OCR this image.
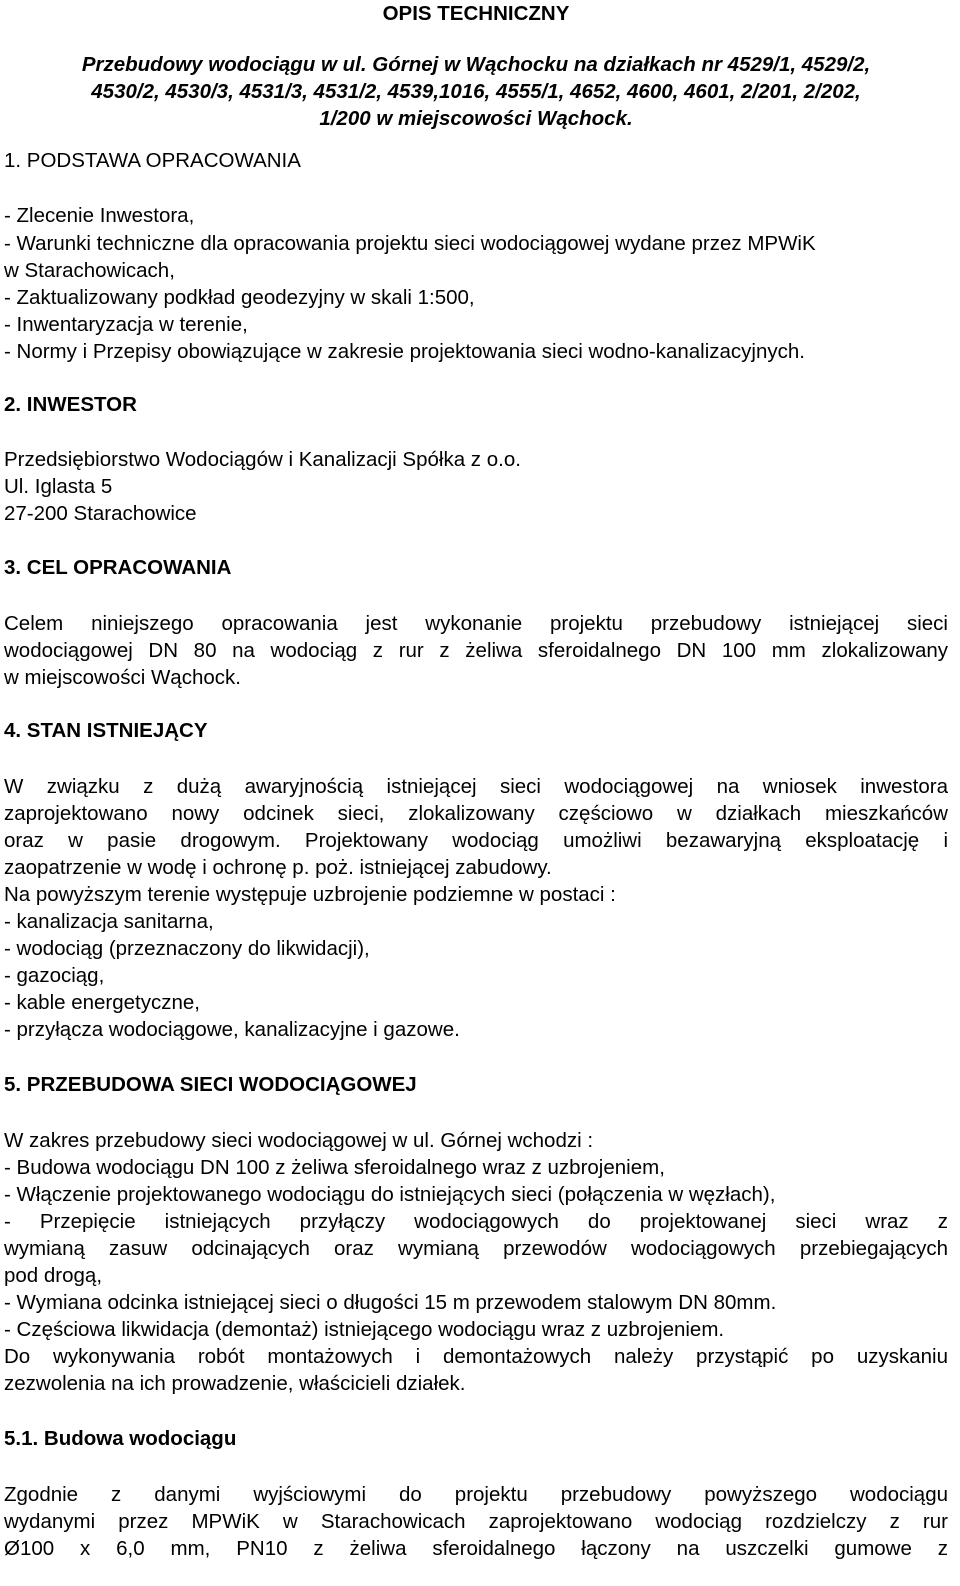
OPIS TECHNICZNY

Przebudowy wodociągu w ul. Górnej w Wąchocku na działkach nr 4529/1, 4529/2,

4530/2, 4530/3, 4531/3, 4531/2, 4539,1016, 4555/1, 4652, 4600, 4601, 2/201, 2/202,

1/200 w miejscowości Wąchock.

1. PODSTAWA OPRACOWANIA

- Zlecenie Inwestora,

- Warunki techniczne dla opracowania projektu sieci wodociągowej wydane przez MPWiK

w Starachowicach,

- Zaktualizowany podkład geodezyjny w skali 1:500,

- Inwentaryzacja w terenie,

- Normy i Przepisy obowiązujące w zakresie projektowania sieci wodno-kanalizacyjnych.

2. INWESTOR

Przedsiębiorstwo Wodociągów i Kanalizacji Spółka z o.o.

Ul. Iglasta 5

27-200 Starachowice

3. CEL OPRACOWANIA

Celem niniejszego opracowania jest wykonanie projektu przebudowy istniejącej sieci

wodociągowej DN 80 na wodociąg z rur z żeliwa sferoidalnego DN 100 mm zlokalizowany

w miejscowości Wąchock.

4. STAN ISTNIEJĄCY

W związku z dużą awaryjnością istniejącej sieci wodociągowej na wniosek inwestora

zaprojektowano nowy odcinek sieci, zlokalizowany częściowo w działkach mieszkańców

oraz w pasie drogowym. Projektowany wodociąg umożliwi bezawaryjną eksploatację i

zaopatrzenie w wodę i ochronę p. poż. istniejącej zabudowy.

Na powyższym terenie występuje uzbrojenie podziemne w postaci :

- kanalizacja sanitarna,

- wodociąg (przeznaczony do likwidacji),

- gazociąg,

- kable energetyczne,

- przyłącza wodociągowe, kanalizacyjne i gazowe.

5. PRZEBUDOWA SIECI WODOCIĄGOWEJ

W zakres przebudowy sieci wodociągowej w ul. Górnej wchodzi :

- Budowa wodociągu DN 100 z żeliwa sferoidalnego wraz z uzbrojeniem,

- Włączenie projektowanego wodociągu do istniejących sieci (połączenia w węzłach),

- Przepięcie istniejących przyłączy wodociągowych do projektowanej sieci wraz z

wymianą zasuw odcinających oraz wymianą przewodów wodociągowych przebiegających

pod drogą,

- Wymiana odcinka istniejącej sieci o długości 15 m przewodem stalowym DN 80mm.

- Częściowa likwidacja (demontaż) istniejącego wodociągu wraz z uzbrojeniem.

Do wykonywania robót montażowych i demontażowych należy przystąpić po uzyskaniu

zezwolenia na ich prowadzenie, właścicieli działek.

5.1. Budowa wodociągu

Zgodnie z danymi wyjściowymi do projektu przebudowy powyższego wodociągu

wydanymi przez MPWiK w Starachowicach zaprojektowano wodociąg rozdzielczy z rur

Ø100 x 6,0 mm, PN10 z żeliwa sferoidalnego łączony na uszczelki gumowe z
